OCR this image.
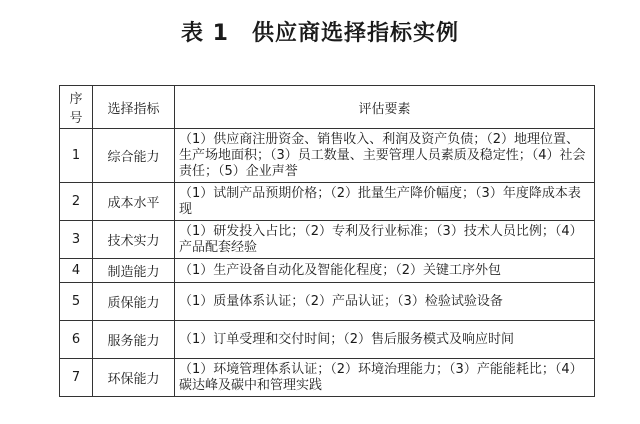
表 1　供应商选择指标实例
序号	选择指标	评估要素
1	综合能力	（1）供应商注册资金、销售收入、利润及资产负债；（2）地理位置、生产场地面积；（3）员工数量、主要管理人员素质及稳定性；（4）社会责任；（5）企业声誉
2	成本水平	（1）试制产品预期价格；（2）批量生产降价幅度；（3）年度降成本表现
3	技术实力	（1）研发投入占比；（2）专利及行业标准；（3）技术人员比例；（4）产品配套经验
4	制造能力	（1）生产设备自动化及智能化程度；（2）关键工序外包
5	质保能力	（1）质量体系认证；（2）产品认证；（3）检验试验设备
6	服务能力	（1）订单受理和交付时间；（2）售后服务模式及响应时间
7	环保能力	（1）环境管理体系认证；（2）环境治理能力；（3）产能能耗比；（4）碳达峰及碳中和管理实践
